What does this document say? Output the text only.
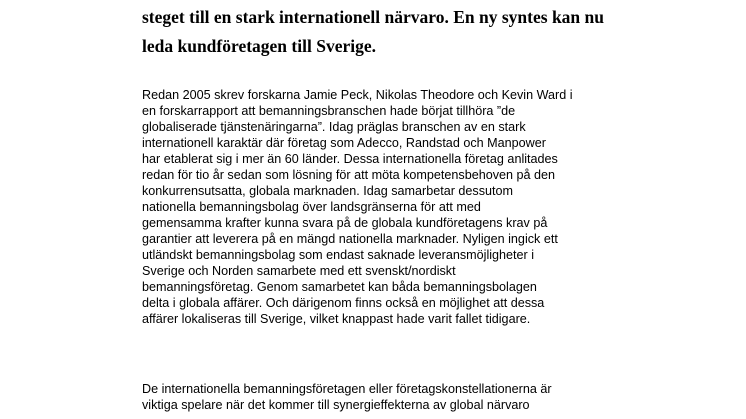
steget till en stark internationell närvaro. En ny syntes kan nu
leda kundföretagen till Sverige.
Redan 2005 skrev forskarna Jamie Peck, Nikolas Theodore och Kevin Ward i
en forskarrapport att bemanningsbranschen hade börjat tillhöra ”de
globaliserade tjänstenäringarna”. Idag präglas branschen av en stark
internationell karaktär där företag som Adecco, Randstad och Manpower
har etablerat sig i mer än 60 länder. Dessa internationella företag anlitades
redan för tio år sedan som lösning för att möta kompetensbehoven på den
konkurrensutsatta, globala marknaden. Idag samarbetar dessutom
nationella bemanningsbolag över landsgränserna för att med
gemensamma krafter kunna svara på de globala kundföretagens krav på
garantier att leverera på en mängd nationella marknader. Nyligen ingick ett
utländskt bemanningsbolag som endast saknade leveransmöjligheter i
Sverige och Norden samarbete med ett svenskt/nordiskt
bemanningsföretag. Genom samarbetet kan båda bemanningsbolagen
delta i globala affärer. Och därigenom finns också en möjlighet att dessa
affärer lokaliseras till Sverige, vilket knappast hade varit fallet tidigare.
De internationella bemanningsföretagen eller företagskonstellationerna är
viktiga spelare när det kommer till synergieffekterna av global närvaro
